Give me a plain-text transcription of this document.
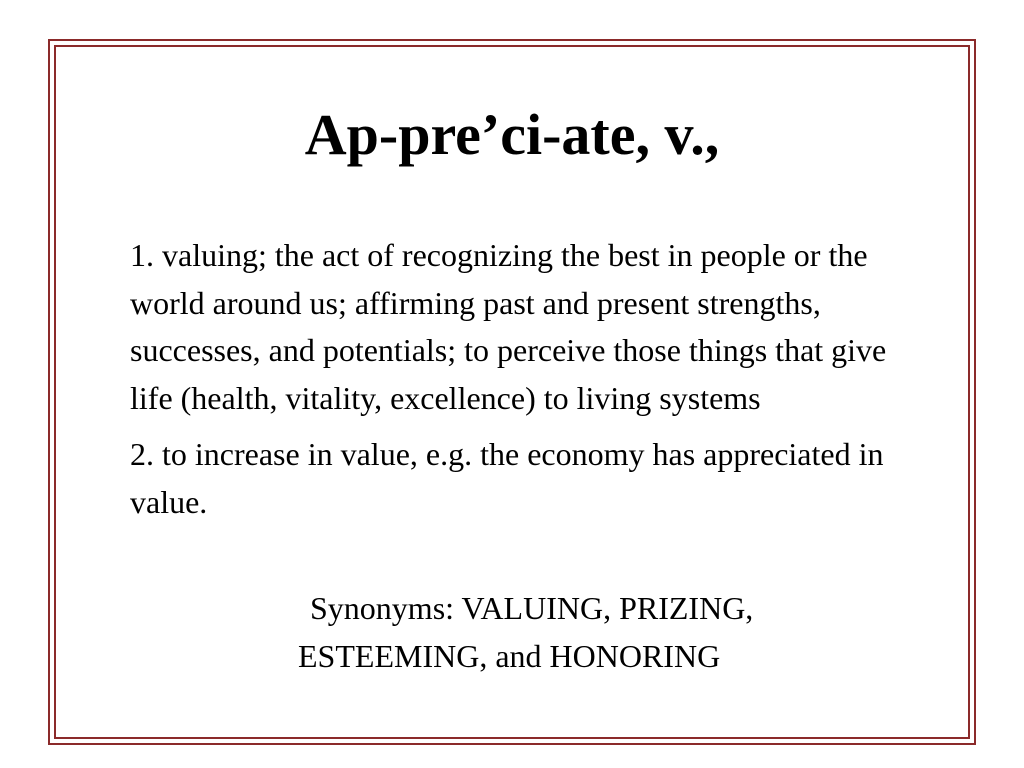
Ap-pre’ci-ate, v.,

1. valuing; the act of recognizing the best in people or the world around us; affirming past and present strengths, successes, and potentials; to perceive those things that give life (health, vitality, excellence) to living systems

2. to increase in value, e.g. the economy has appreciated in value.

Synonyms: VALUING, PRIZING, ESTEEMING, and HONORING
